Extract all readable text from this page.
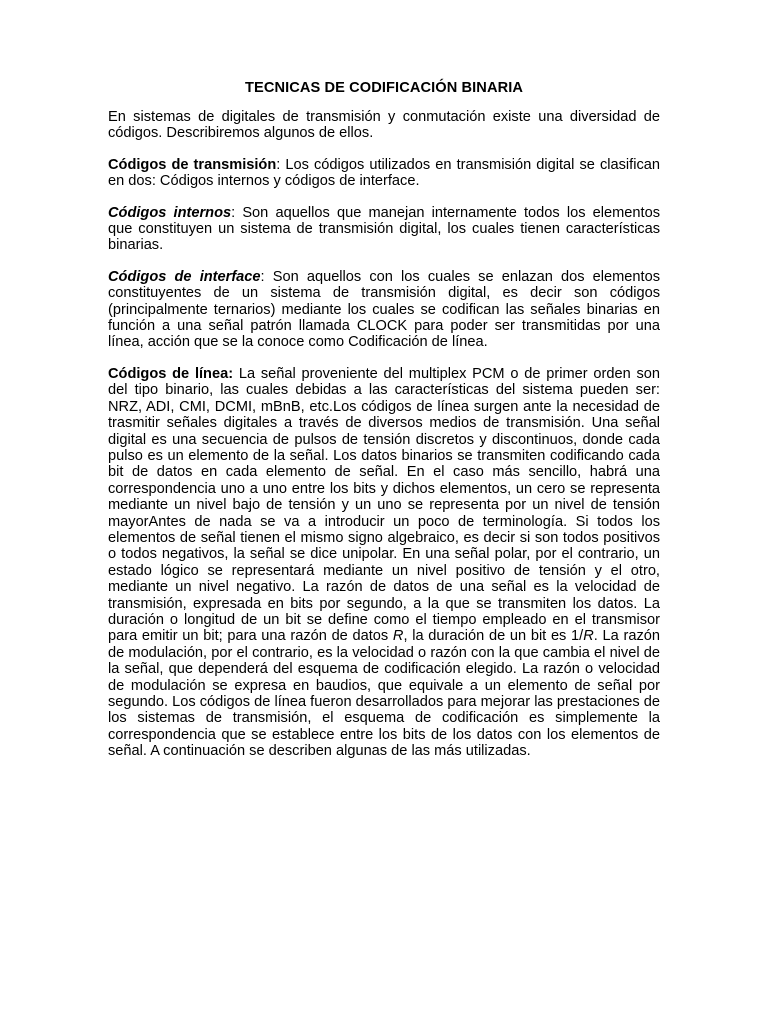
TECNICAS DE CODIFICACIÓN BINARIA

En sistemas de digitales de transmisión y conmutación existe una diversidad de códigos. Describiremos algunos de ellos.

Códigos de transmisión: Los códigos utilizados en transmisión digital se clasifican en dos: Códigos internos y códigos de interface.

Códigos internos: Son aquellos que manejan internamente todos los elementos que constituyen un sistema de transmisión digital, los cuales tienen características binarias.

Códigos de interface: Son aquellos con los cuales se enlazan dos elementos constituyentes de un sistema de transmisión digital, es decir son códigos (principalmente ternarios) mediante los cuales se codifican las señales binarias en función a una señal patrón llamada CLOCK para poder ser transmitidas por una línea, acción que se la conoce como Codificación de línea.

Códigos de línea: La señal proveniente del multiplex PCM o de primer orden son del tipo binario, las cuales debidas a las características del sistema pueden ser: NRZ, ADI, CMI, DCMI, mBnB, etc.Los códigos de línea surgen ante la necesidad de trasmitir señales digitales a través de diversos medios de transmisión. Una señal digital es una secuencia de pulsos de tensión discretos y discontinuos, donde cada pulso es un elemento de la señal. Los datos binarios se transmiten codificando cada bit de datos en cada elemento de señal. En el caso más sencillo, habrá una correspondencia uno a uno entre los bits y dichos elementos, un cero se representa mediante un nivel bajo de tensión y un uno se representa por un nivel de tensión mayorAntes de nada se va a introducir un poco de terminología. Si todos los elementos de señal tienen el mismo signo algebraico, es decir si son todos positivos o todos negativos, la señal se dice unipolar. En una señal polar, por el contrario, un estado lógico se representará mediante un nivel positivo de tensión y el otro, mediante un nivel negativo. La razón de datos de una señal es la velocidad de transmisión, expresada en bits por segundo, a la que se transmiten los datos. La duración o longitud de un bit se define como el tiempo empleado en el transmisor para emitir un bit; para una razón de datos R, la duración de un bit es 1/R. La razón de modulación, por el contrario, es la velocidad o razón con la que cambia el nivel de la señal, que dependerá del esquema de codificación elegido. La razón o velocidad de modulación se expresa en baudios, que equivale a un elemento de señal por segundo. Los códigos de línea fueron desarrollados para mejorar las prestaciones de los sistemas de transmisión, el esquema de codificación es simplemente la correspondencia que se establece entre los bits de los datos con los elementos de señal. A continuación se describen algunas de las más utilizadas.
